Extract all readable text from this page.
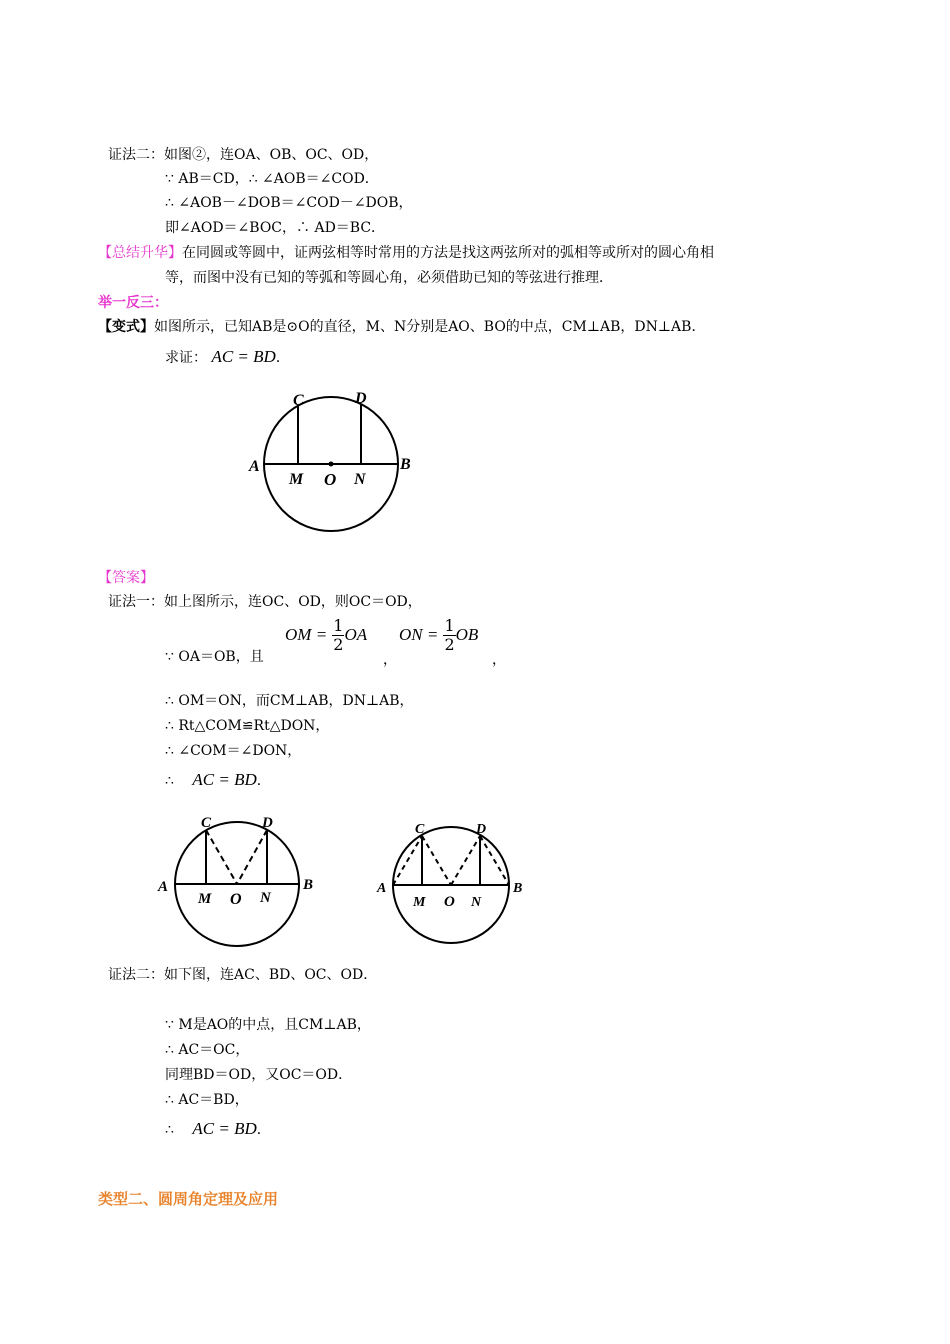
证法二：如图②，连OA、OB、OC、OD，
∵ AB＝CD，∴ ∠AOB＝∠COD．
∴ ∠AOB－∠DOB＝∠COD－∠DOB，
即∠AOD＝∠BOC，∴ AD＝BC．
【总结升华】在同圆或等圆中，证两弦相等时常用的方法是找这两弦所对的弧相等或所对的圆心角相
等，而图中没有已知的等弧和等圆心角，必须借助已知的等弦进行推理．
举一反三：
【变式】如图所示，已知AB是⊙O的直径，M、N分别是AO、BO的中点，CM⊥AB，DN⊥AB．
求证： AC = BD．
A	B
C	D
M O N
【答案】
证法一：如上图所示，连OC、OD，则OC＝OD，
∵ OA＝OB，且
OM = $\frac{1}{2}$ OA
，
ON = $\frac{1}{2}$ OB
，
∴ OM＝ON，而CM⊥AB，DN⊥AB，
∴ Rt△COM≌Rt△DON，
∴ ∠COM＝∠DON，
∴ AC = BD．
A	B
C	D
M O N
A	B
C	D
M O N
证法二：如下图，连AC、BD、OC、OD．
∵ M是AO的中点，且CM⊥AB，
∴ AC＝OC，
同理BD＝OD，又OC＝OD．
∴ AC＝BD，
∴ AC = BD．
类型二、圆周角定理及应用
